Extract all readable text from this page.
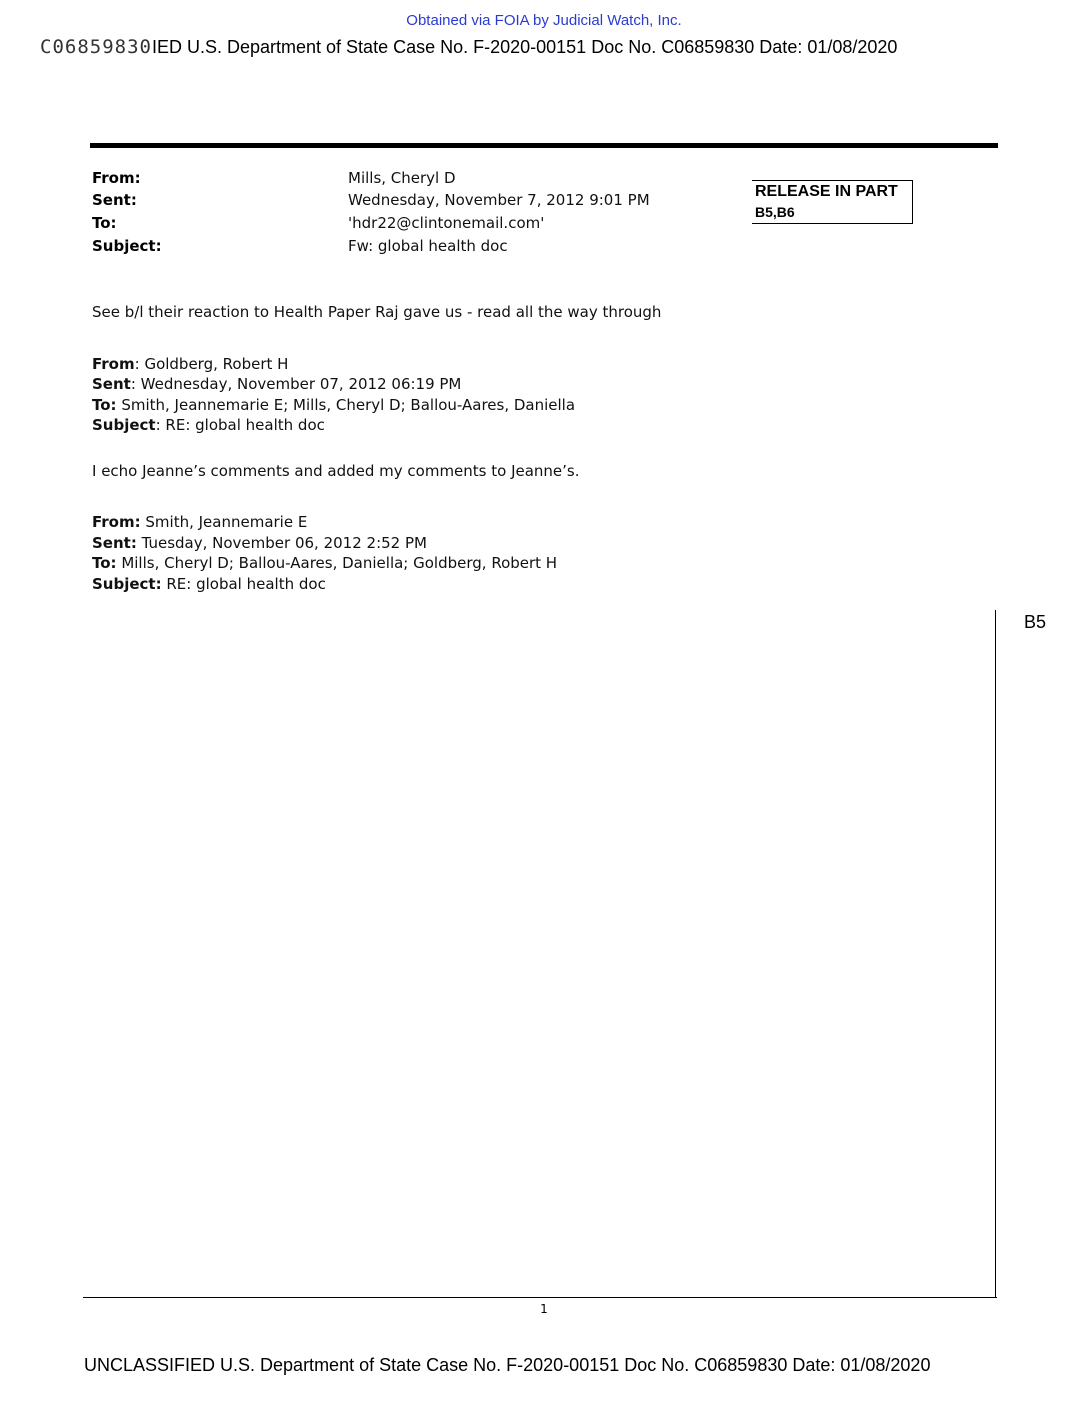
Obtained via FOIA by Judicial Watch, Inc.
C06859830IED U.S. Department of State Case No. F-2020-00151 Doc No. C06859830 Date: 01/08/2020
From:	Mills, Cheryl D
Sent:	Wednesday, November 7, 2012 9:01 PM
To:	'hdr22@clintonemail.com'
Subject:	Fw: global health doc
RELEASE IN PART
B5,B6
See b/l their reaction to Health Paper Raj gave us - read all the way through
From: Goldberg, Robert H
Sent: Wednesday, November 07, 2012 06:19 PM
To: Smith, Jeannemarie E; Mills, Cheryl D; Ballou-Aares, Daniella
Subject: RE: global health doc
I echo Jeanne’s comments and added my comments to Jeanne’s.
From: Smith, Jeannemarie E
Sent: Tuesday, November 06, 2012 2:52 PM
To: Mills, Cheryl D; Ballou-Aares, Daniella; Goldberg, Robert H
Subject: RE: global health doc
B5
1
UNCLASSIFIED U.S. Department of State Case No. F-2020-00151 Doc No. C06859830 Date: 01/08/2020
